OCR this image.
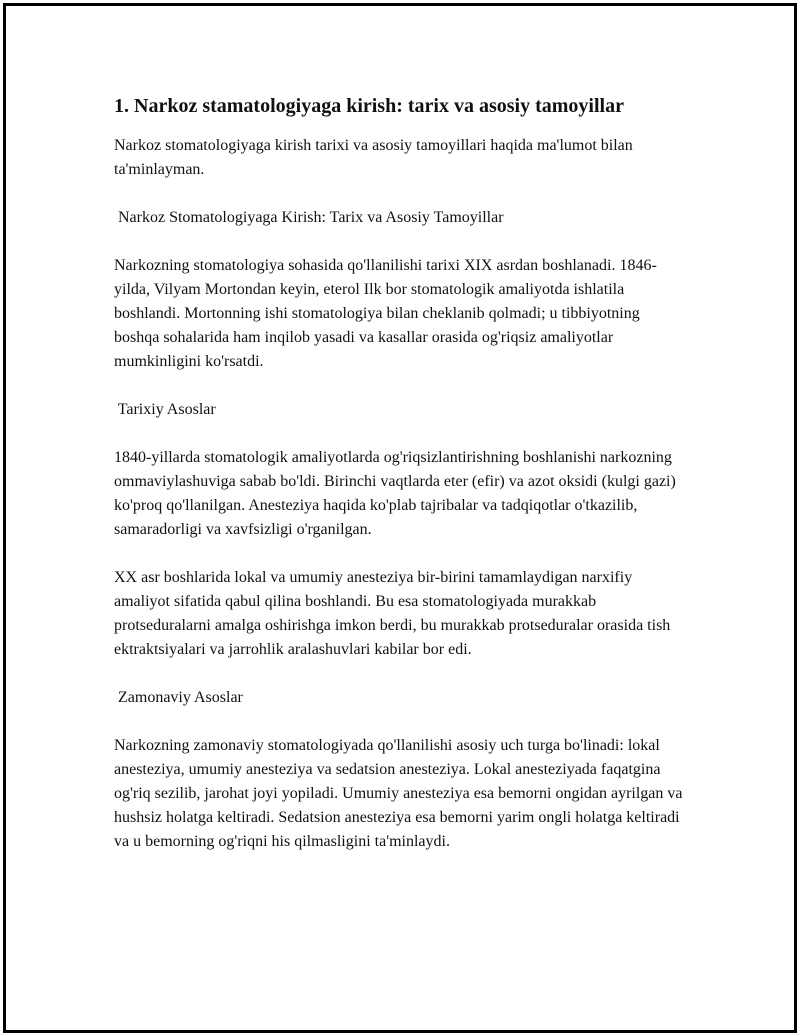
1. Narkoz stamatologiyaga kirish: tarix va asosiy tamoyillar

Narkoz stomatologiyaga kirish tarixi va asosiy tamoyillari haqida ma'lumot bilan ta'minlayman.

Narkoz Stomatologiyaga Kirish: Tarix va Asosiy Tamoyillar

Narkozning stomatologiya sohasida qo'llanilishi tarixi XIX asrdan boshlanadi. 1846-yilda, Vilyam Mortondan keyin, eterol Ilk bor stomatologik amaliyotda ishlatila boshlandi. Mortonning ishi stomatologiya bilan cheklanib qolmadi; u tibbiyotning boshqa sohalarida ham inqilob yasadi va kasallar orasida og'riqsiz amaliyotlar mumkinligini ko'rsatdi.

Tarixiy Asoslar

1840-yillarda stomatologik amaliyotlarda og'riqsizlantirishning boshlanishi narkozning ommaviylashuviga sabab bo'ldi. Birinchi vaqtlarda eter (efir) va azot oksidi (kulgi gazi) ko'proq qo'llanilgan. Anesteziya haqida ko'plab tajribalar va tadqiqotlar o'tkazilib, samaradorligi va xavfsizligi o'rganilgan.

XX asr boshlarida lokal va umumiy anesteziya bir-birini tamamlaydigan narxifiy amaliyot sifatida qabul qilina boshlandi. Bu esa stomatologiyada murakkab protseduralarni amalga oshirishga imkon berdi, bu murakkab protseduralar orasida tish ektraktsiyalari va jarrohlik aralashuvlari kabilar bor edi.

Zamonaviy Asoslar

Narkozning zamonaviy stomatologiyada qo'llanilishi asosiy uch turga bo'linadi: lokal anesteziya, umumiy anesteziya va sedatsion anesteziya. Lokal anesteziyada faqatgina og'riq sezilib, jarohat joyi yopiladi. Umumiy anesteziya esa bemorni ongidan ayrilgan va hushsiz holatga keltiradi. Sedatsion anesteziya esa bemorni yarim ongli holatga keltiradi va u bemorning og'riqni his qilmasligini ta'minlaydi.
